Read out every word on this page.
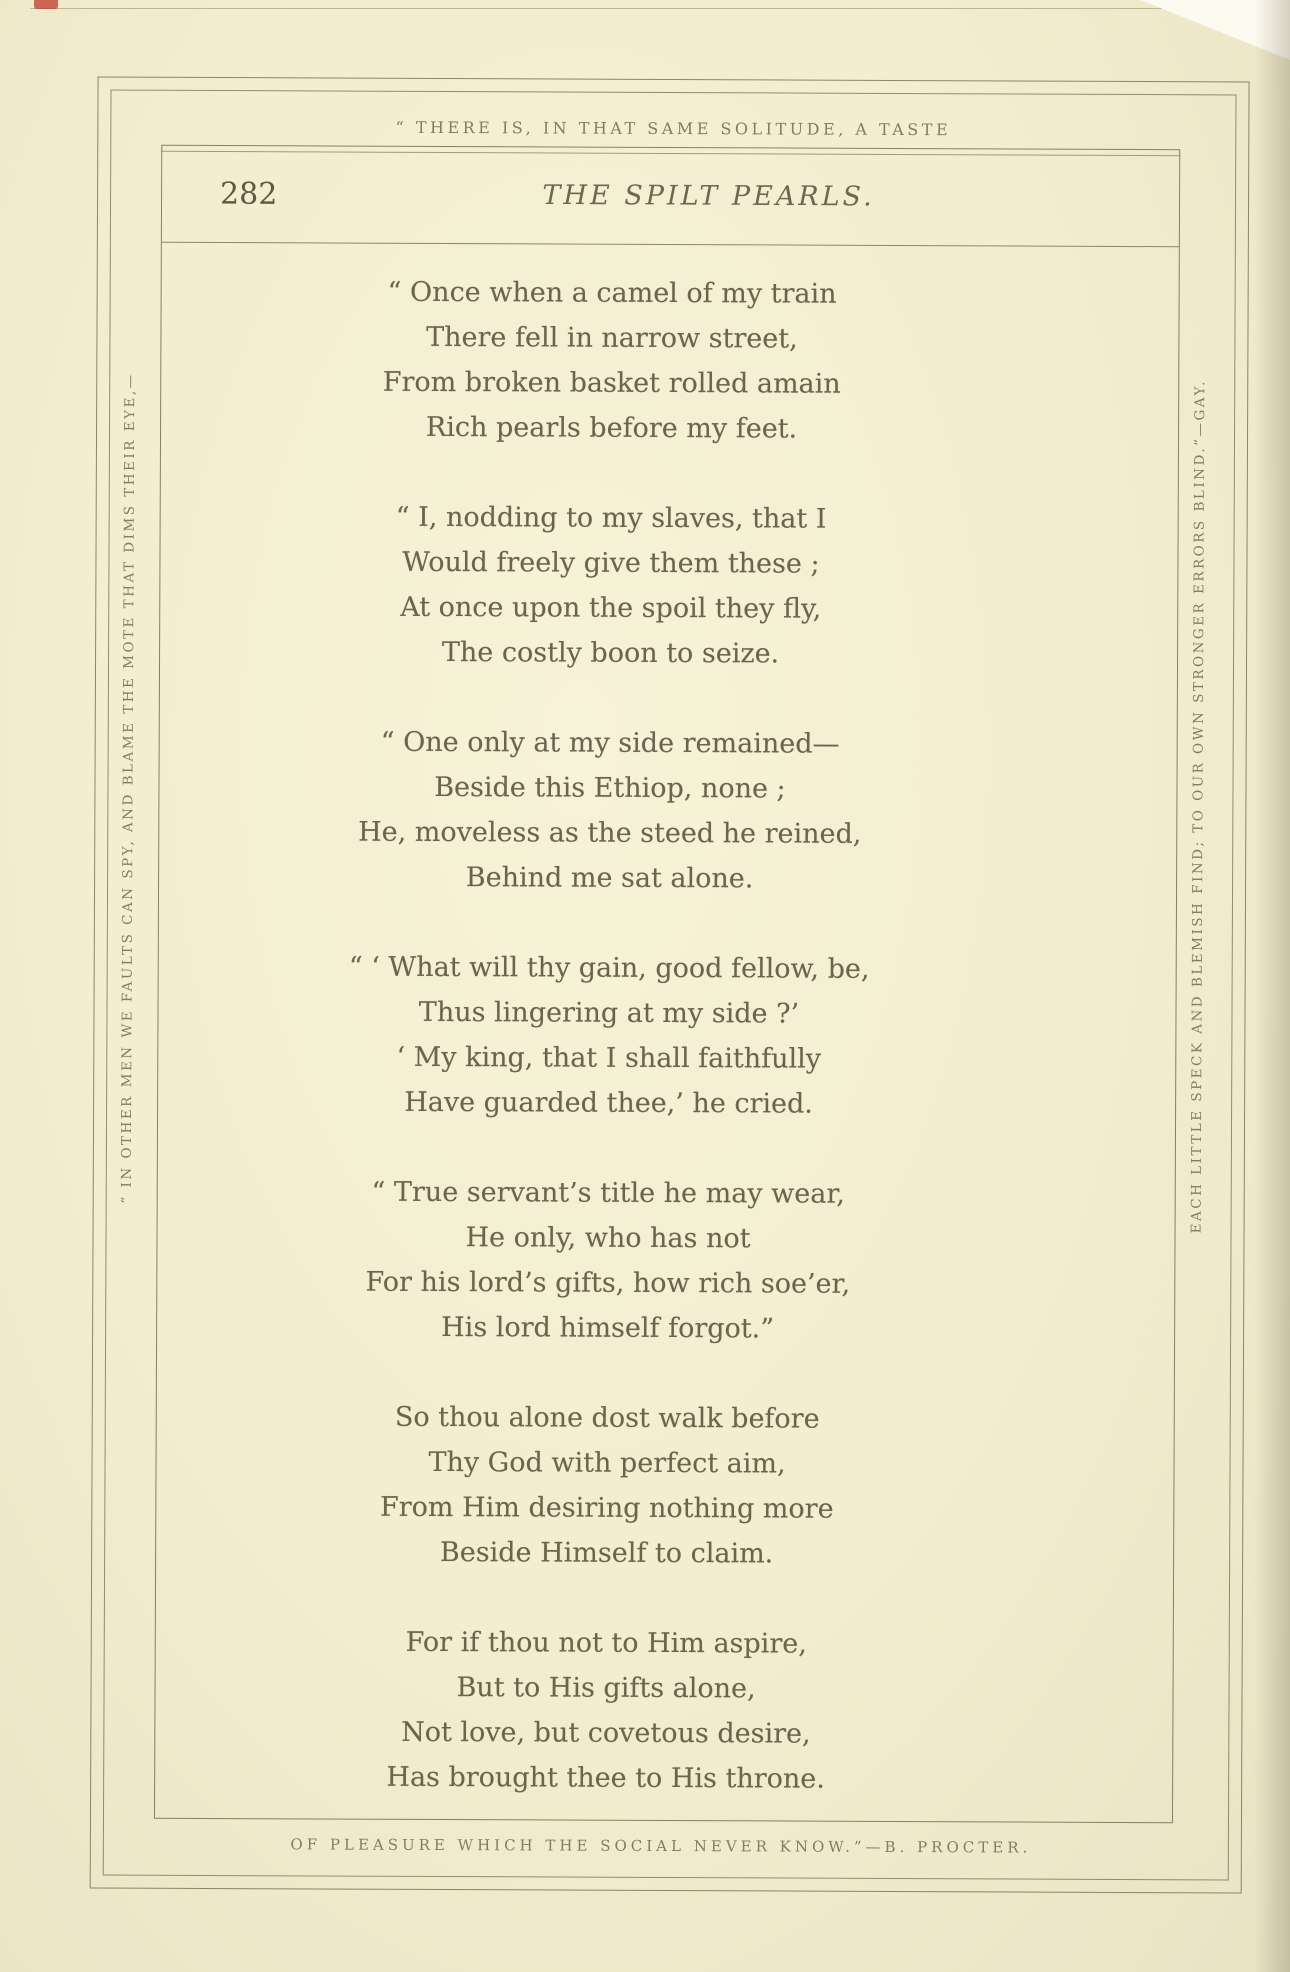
“ THERE IS, IN THAT SAME SOLITUDE, A TASTE
“ IN OTHER MEN WE FAULTS CAN SPY, AND BLAME THE MOTE THAT DIMS THEIR EYE,—	EACH LITTLE SPECK AND BLEMISH FIND; TO OUR OWN STRONGER ERRORS BLIND.”—GAY.
OF PLEASURE WHICH THE SOCIAL NEVER KNOW.”—B. PROCTER.
282	THE SPILT PEARLS.
“ Once when a camel of my train
There fell in narrow street,
From broken basket rolled amain
Rich pearls before my feet.
“ I, nodding to my slaves, that I
Would freely give them these ;
At once upon the spoil they fly,
The costly boon to seize.
“ One only at my side remained—
Beside this Ethiop, none ;
He, moveless as the steed he reined,
Behind me sat alone.
“ ‘ What will thy gain, good fellow, be,
Thus lingering at my side ?’
‘ My king, that I shall faithfully
Have guarded thee,’ he cried.
“ True servant’s title he may wear,
He only, who has not
For his lord’s gifts, how rich soe’er,
His lord himself forgot.”
So thou alone dost walk before
Thy God with perfect aim,
From Him desiring nothing more
Beside Himself to claim.
For if thou not to Him aspire,
But to His gifts alone,
Not love, but covetous desire,
Has brought thee to His throne.
